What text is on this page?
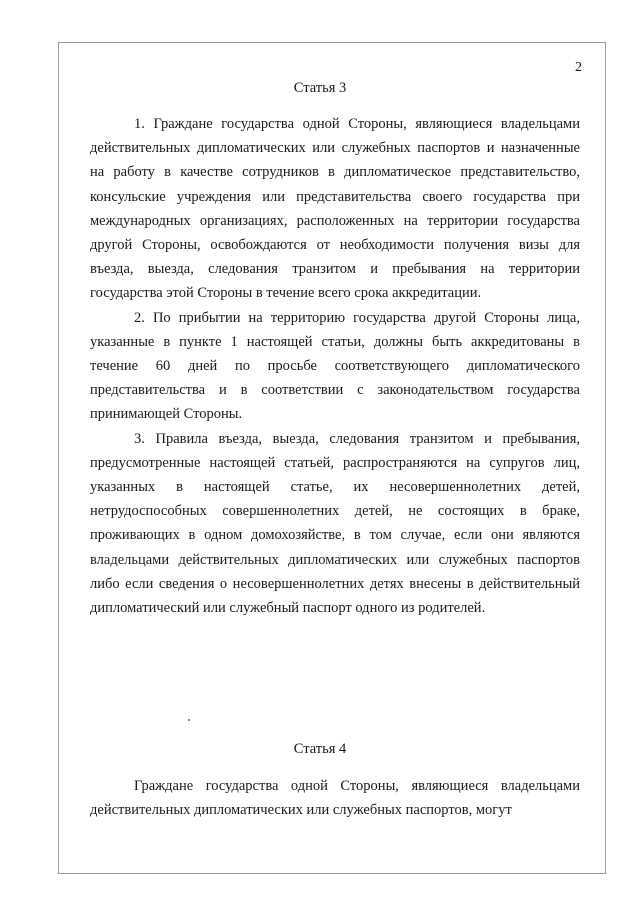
2
Статья 3

1. Граждане государства одной Стороны, являющиеся владельцами действительных дипломатических или служебных паспортов и назначенные на работу в качестве сотрудников в дипломатическое представительство, консульские учреждения или представительства своего государства при международных организациях, расположенных на территории государства другой Стороны, освобождаются от необходимости получения визы для въезда, выезда, следования транзитом и пребывания на территории государства этой Стороны в течение всего срока аккредитации.

2. По прибытии на территорию государства другой Стороны лица, указанные в пункте 1 настоящей статьи, должны быть аккредитованы в течение 60 дней по просьбе соответствующего дипломатического представительства и в соответствии с законодательством государства принимающей Стороны.

3. Правила въезда, выезда, следования транзитом и пребывания, предусмотренные настоящей статьей, распространяются на супругов лиц, указанных в настоящей статье, их несовершеннолетних детей, нетрудоспособных совершеннолетних детей, не состоящих в браке, проживающих в одном домохозяйстве, в том случае, если они являются владельцами действительных дипломатических или служебных паспортов либо если сведения о несовершеннолетних детях внесены в действительный дипломатический или служебный паспорт одного из родителей.

Статья 4

Граждане государства одной Стороны, являющиеся владельцами действительных дипломатических или служебных паспортов, могут
